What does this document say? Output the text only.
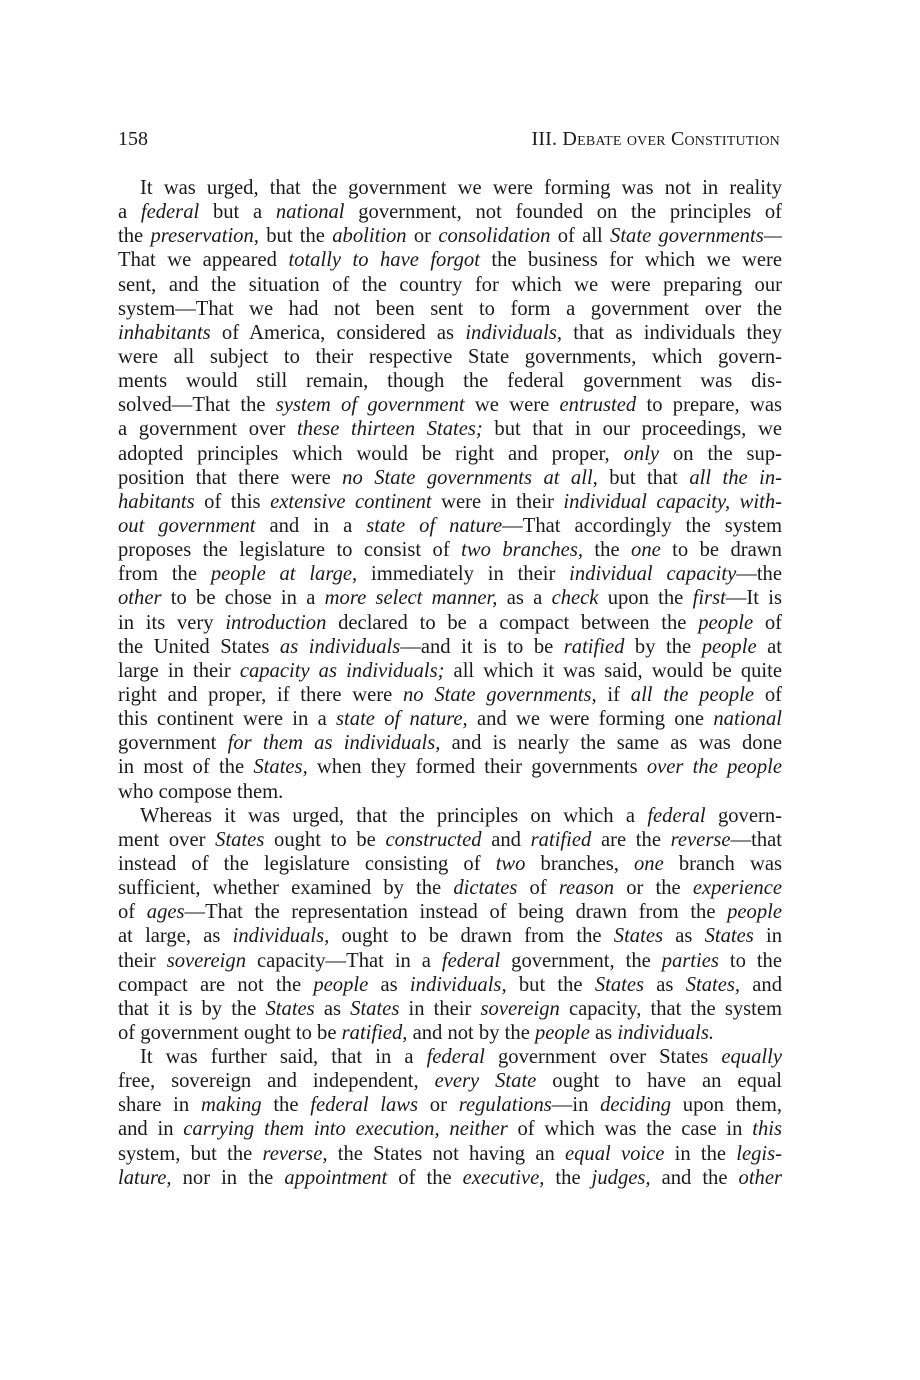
158	III. Debate over Constitution
It was urged, that the government we were forming was not in reality
a federal but a national government, not founded on the principles of
the preservation, but the abolition or consolidation of all State governments—
That we appeared totally to have forgot the business for which we were
sent, and the situation of the country for which we were preparing our
system—That we had not been sent to form a government over the
inhabitants of America, considered as individuals, that as individuals they
were all subject to their respective State governments, which govern-
ments would still remain, though the federal government was dis-
solved—That the system of government we were entrusted to prepare, was
a government over these thirteen States; but that in our proceedings, we
adopted principles which would be right and proper, only on the sup-
position that there were no State governments at all, but that all the in-
habitants of this extensive continent were in their individual capacity, with-
out government and in a state of nature—That accordingly the system
proposes the legislature to consist of two branches, the one to be drawn
from the people at large, immediately in their individual capacity—the
other to be chose in a more select manner, as a check upon the first—It is
in its very introduction declared to be a compact between the people of
the United States as individuals—and it is to be ratified by the people at
large in their capacity as individuals; all which it was said, would be quite
right and proper, if there were no State governments, if all the people of
this continent were in a state of nature, and we were forming one national
government for them as individuals, and is nearly the same as was done
in most of the States, when they formed their governments over the people
who compose them.
Whereas it was urged, that the principles on which a federal govern-
ment over States ought to be constructed and ratified are the reverse—that
instead of the legislature consisting of two branches, one branch was
sufficient, whether examined by the dictates of reason or the experience
of ages—That the representation instead of being drawn from the people
at large, as individuals, ought to be drawn from the States as States in
their sovereign capacity—That in a federal government, the parties to the
compact are not the people as individuals, but the States as States, and
that it is by the States as States in their sovereign capacity, that the system
of government ought to be ratified, and not by the people as individuals.
It was further said, that in a federal government over States equally
free, sovereign and independent, every State ought to have an equal
share in making the federal laws or regulations—in deciding upon them,
and in carrying them into execution, neither of which was the case in this
system, but the reverse, the States not having an equal voice in the legis-
lature, nor in the appointment of the executive, the judges, and the other
